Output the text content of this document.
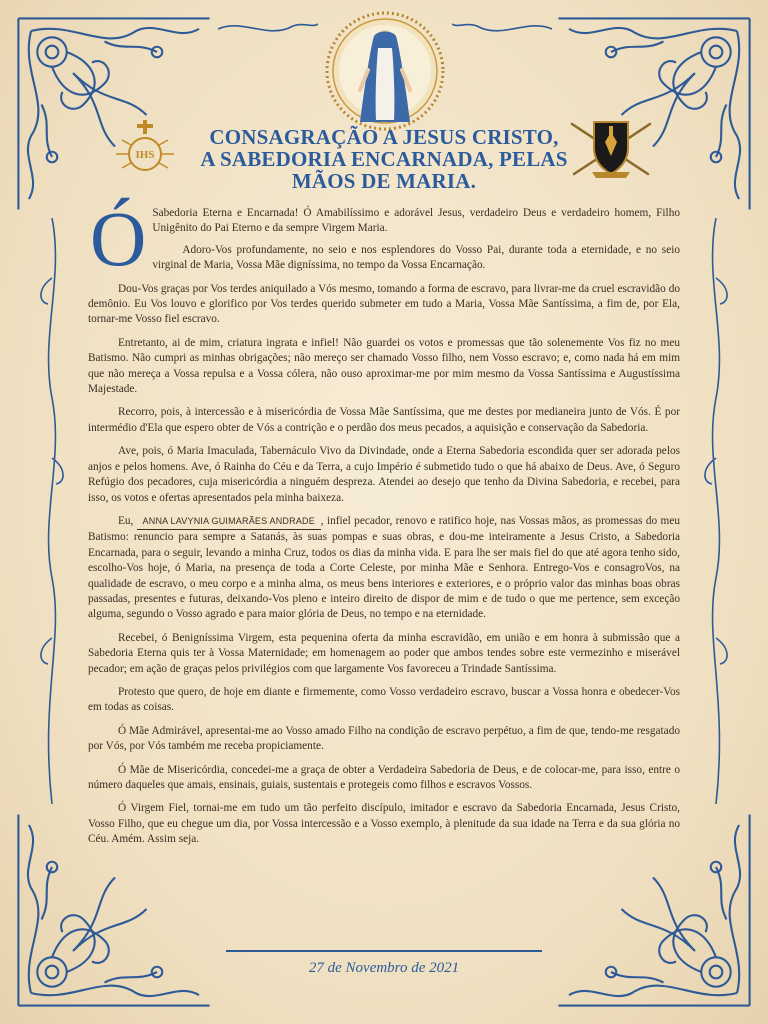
IHS
CONSAGRAÇÃO A JESUS CRISTO,
A SABEDORIA ENCARNADA, PELAS
MÃOS DE MARIA.

Ó Sabedoria Eterna e Encarnada! Ó Amabilíssimo e adorável Jesus, verdadeiro Deus e verdadeiro homem, Filho Unigênito do Pai Eterno e da sempre Virgem Maria.

Adoro-Vos profundamente, no seio e nos esplendores do Vosso Pai, durante toda a eternidade, e no seio virginal de Maria, Vossa Mãe digníssima, no tempo da Vossa Encarnação.

Dou-Vos graças por Vos terdes aniquilado a Vós mesmo, tomando a forma de escravo, para livrar-me da cruel escravidão do demônio. Eu Vos louvo e glorifico por Vos terdes querido submeter em tudo a Maria, Vossa Mãe Santíssima, a fim de, por Ela, tornar-me Vosso fiel escravo.

Entretanto, ai de mim, criatura ingrata e infiel! Não guardei os votos e promessas que tão solenemente Vos fiz no meu Batismo. Não cumpri as minhas obrigações; não mereço ser chamado Vosso filho, nem Vosso escravo; e, como nada há em mim que não mereça a Vossa repulsa e a Vossa cólera, não ouso aproximar-me por mim mesmo da Vossa Santíssima e Augustíssima Majestade.

Recorro, pois, à intercessão e à misericórdia de Vossa Mãe Santíssima, que me destes por medianeira junto de Vós. É por intermédio d'Ela que espero obter de Vós a contrição e o perdão dos meus pecados, a aquisição e conservação da Sabedoria.

Ave, pois, ó Maria Imaculada, Tabernáculo Vivo da Divindade, onde a Eterna Sabedoria escondida quer ser adorada pelos anjos e pelos homens. Ave, ó Rainha do Céu e da Terra, a cujo Império é submetido tudo o que há abaixo de Deus. Ave, ó Seguro Refúgio dos pecadores, cuja misericórdia a ninguém despreza. Atendei ao desejo que tenho da Divina Sabedoria, e recebei, para isso, os votos e ofertas apresentados pela minha baixeza.

Eu, ANNA LAVYNIA GUIMARÃES ANDRADE , infiel pecador, renovo e ratifico hoje, nas Vossas mãos, as promessas do meu Batismo: renuncio para sempre a Satanás, às suas pompas e suas obras, e dou-me inteiramente a Jesus Cristo, a Sabedoria Encarnada, para o seguir, levando a minha Cruz, todos os dias da minha vida. E para lhe ser mais fiel do que até agora tenho sido, escolho-Vos hoje, ó Maria, na presença de toda a Corte Celeste, por minha Mãe e Senhora. Entrego-Vos e consagroVos, na qualidade de escravo, o meu corpo e a minha alma, os meus bens interiores e exteriores, e o próprio valor das minhas boas obras passadas, presentes e futuras, deixando-Vos pleno e inteiro direito de dispor de mim e de tudo o que me pertence, sem exceção alguma, segundo o Vosso agrado e para maior glória de Deus, no tempo e na eternidade.

Recebei, ó Benigníssima Virgem, esta pequenina oferta da minha escravidão, em união e em honra à submissão que a Sabedoria Eterna quis ter à Vossa Maternidade; em homenagem ao poder que ambos tendes sobre este vermezinho e miserável pecador; em ação de graças pelos privilégios com que largamente Vos favoreceu a Trindade Santíssima.

Protesto que quero, de hoje em diante e firmemente, como Vosso verdadeiro escravo, buscar a Vossa honra e obedecer-Vos em todas as coisas.

Ó Mãe Admirável, apresentai-me ao Vosso amado Filho na condição de escravo perpétuo, a fim de que, tendo-me resgatado por Vós, por Vós também me receba propiciamente.

Ó Mãe de Misericórdia, concedei-me a graça de obter a Verdadeira Sabedoria de Deus, e de colocar-me, para isso, entre o número daqueles que amais, ensinais, guiais, sustentais e protegeis como filhos e escravos Vossos.

Ó Virgem Fiel, tornai-me em tudo um tão perfeito discípulo, imitador e escravo da Sabedoria Encarnada, Jesus Cristo, Vosso Filho, que eu chegue um dia, por Vossa intercessão e a Vosso exemplo, à plenitude da sua idade na Terra e da sua glória no Céu. Amém. Assim seja.

27 de Novembro de 2021
